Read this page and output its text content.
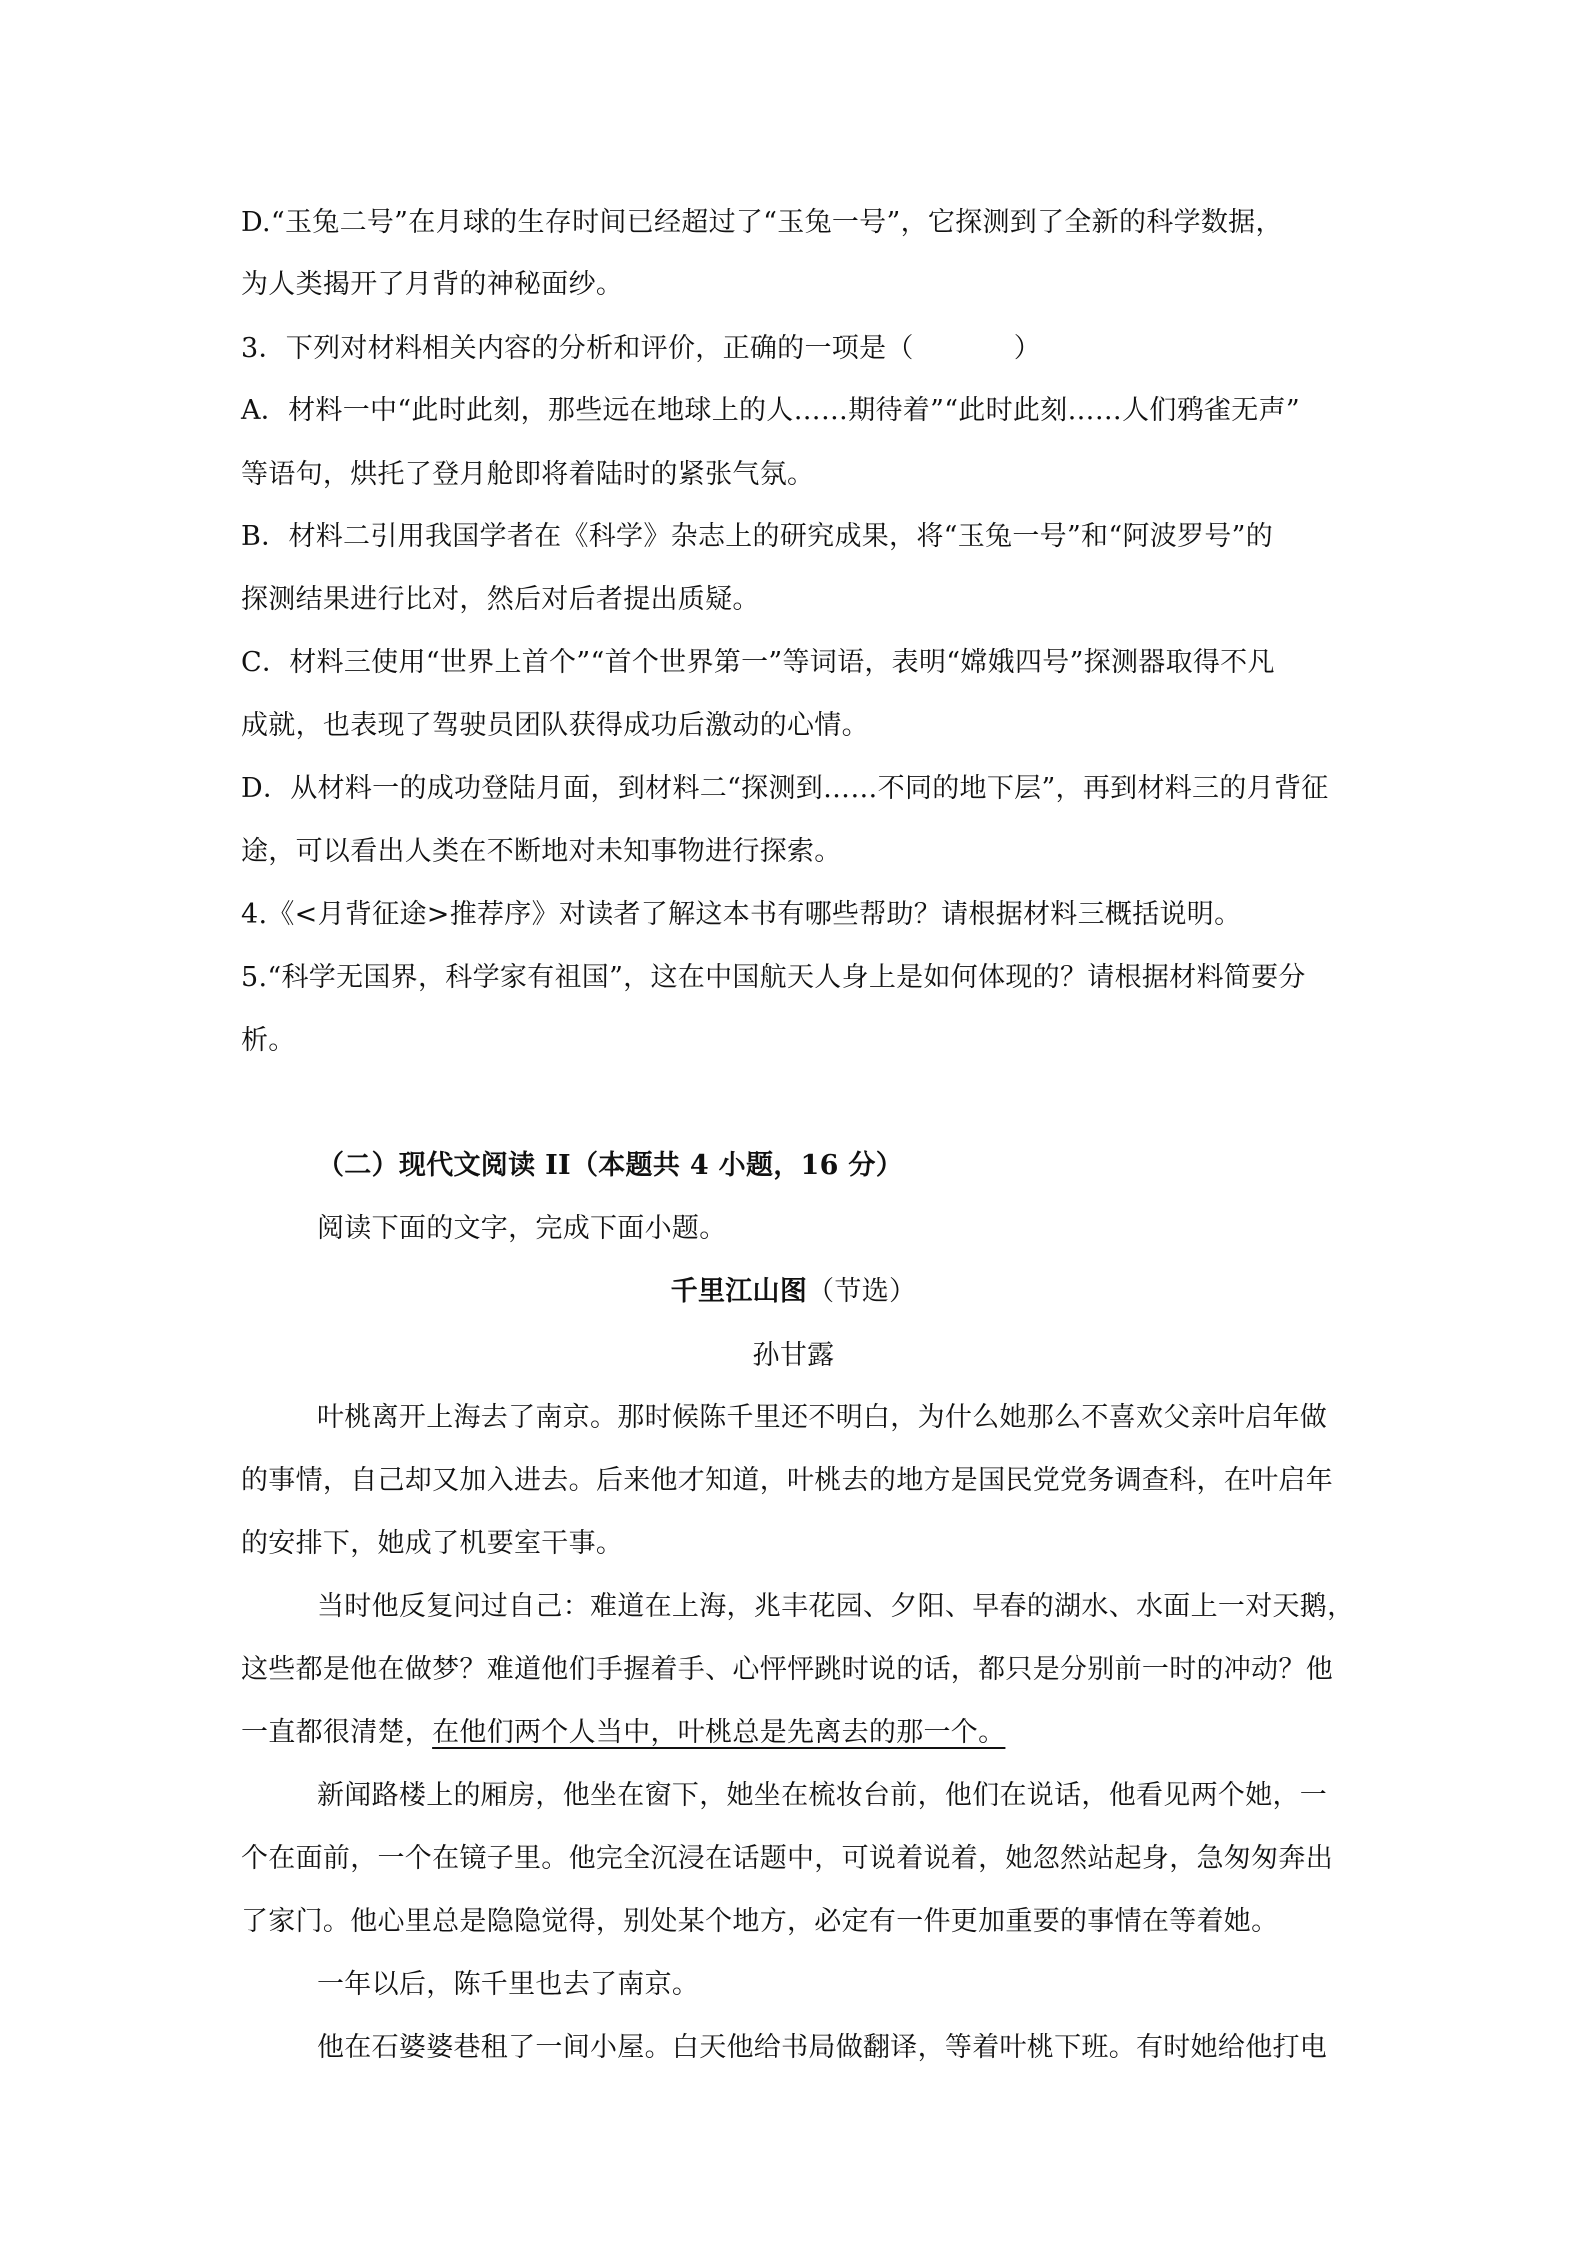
D.“玉兔二号”在月球的生存时间已经超过了“玉兔一号”，它探测到了全新的科学数据，
为人类揭开了月背的神秘面纱。
3．下列对材料相关内容的分析和评价，正确的一项是（	）
A．材料一中“此时此刻，那些远在地球上的人……期待着”“此时此刻……人们鸦雀无声”
等语句，烘托了登月舱即将着陆时的紧张气氛。
B．材料二引用我国学者在《科学》杂志上的研究成果，将“玉兔一号”和“阿波罗号”的
探测结果进行比对，然后对后者提出质疑。
C．材料三使用“世界上首个”“首个世界第一”等词语，表明“嫦娥四号”探测器取得不凡
成就，也表现了驾驶员团队获得成功后激动的心情。
D．从材料一的成功登陆月面，到材料二“探测到……不同的地下层”，再到材料三的月背征
途，可以看出人类在不断地对未知事物进行探索。
4.《<月背征途>推荐序》对读者了解这本书有哪些帮助？请根据材料三概括说明。
5.“科学无国界，科学家有祖国”，这在中国航天人身上是如何体现的？请根据材料简要分
析。
（二）现代文阅读 II（本题共 4 小题，16 分）
阅读下面的文字，完成下面小题。
千里江山图（节选）
孙甘露
叶桃离开上海去了南京。那时候陈千里还不明白，为什么她那么不喜欢父亲叶启年做
的事情，自己却又加入进去。后来他才知道，叶桃去的地方是国民党党务调查科，在叶启年
的安排下，她成了机要室干事。
当时他反复问过自己：难道在上海，兆丰花园、夕阳、早春的湖水、水面上一对天鹅，
这些都是他在做梦？难道他们手握着手、心怦怦跳时说的话，都只是分别前一时的冲动？他
一直都很清楚，在他们两个人当中，叶桃总是先离去的那一个。
新闻路楼上的厢房，他坐在窗下，她坐在梳妆台前，他们在说话，他看见两个她，一
个在面前，一个在镜子里。他完全沉浸在话题中，可说着说着，她忽然站起身，急匆匆奔出
了家门。他心里总是隐隐觉得，别处某个地方，必定有一件更加重要的事情在等着她。
一年以后，陈千里也去了南京。
他在石婆婆巷租了一间小屋。白天他给书局做翻译，等着叶桃下班。有时她给他打电
